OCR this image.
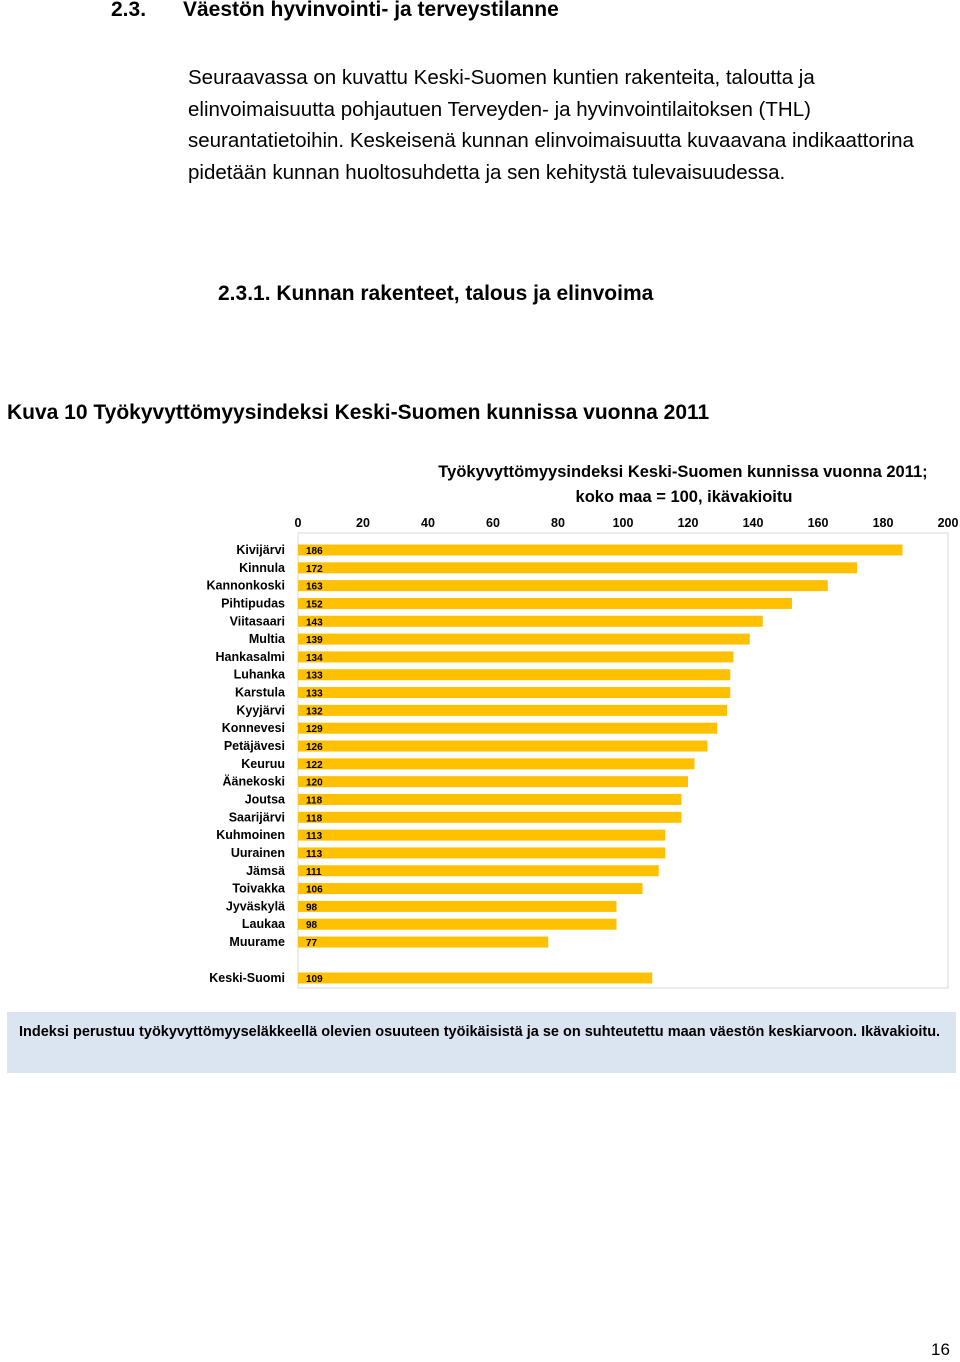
2.3. Väestön hyvinvointi- ja terveystilanne

Seuraavassa on kuvattu Keski-Suomen kuntien rakenteita, taloutta ja elinvoimaisuutta pohjautuen Terveyden- ja hyvinvointilaitoksen (THL) seurantatietoihin. Keskeisenä kunnan elinvoimaisuutta kuvaavana indikaattorina pidetään kunnan huoltosuhdetta ja sen kehitystä tulevaisuudessa.

2.3.1. Kunnan rakenteet, talous ja elinvoima
Kuva 10 Työkyvyttömyysindeksi Keski-Suomen kunnissa vuonna 2011
Työkyvyttömyysindeksi Keski-Suomen kunnissa vuonna 2011;
koko maa = 100, ikävakioitu
0	20	40	60	80	100	120	140	160	180	200
Kivijärvi 186
Kinnula 172
Kannonkoski 163
Pihtipudas 152
Viitasaari 143
Multia 139
Hankasalmi 134
Luhanka 133
Karstula 133
Kyyjärvi 132
Konnevesi 129
Petäjävesi 126
Keuruu 122
Äänekoski 120
Joutsa 118
Saarijärvi 118
Kuhmoinen 113
Uurainen 113
Jämsä 111
Toivakka 106
Jyväskylä 98
Laukaa 98
Muurame 77
Keski-Suomi 109
Indeksi perustuu työkyvyttömyyseläkkeellä olevien osuuteen työikäisistä ja se on suhteutettu maan väestön keskiarvoon. Ikävakioitu.
16
